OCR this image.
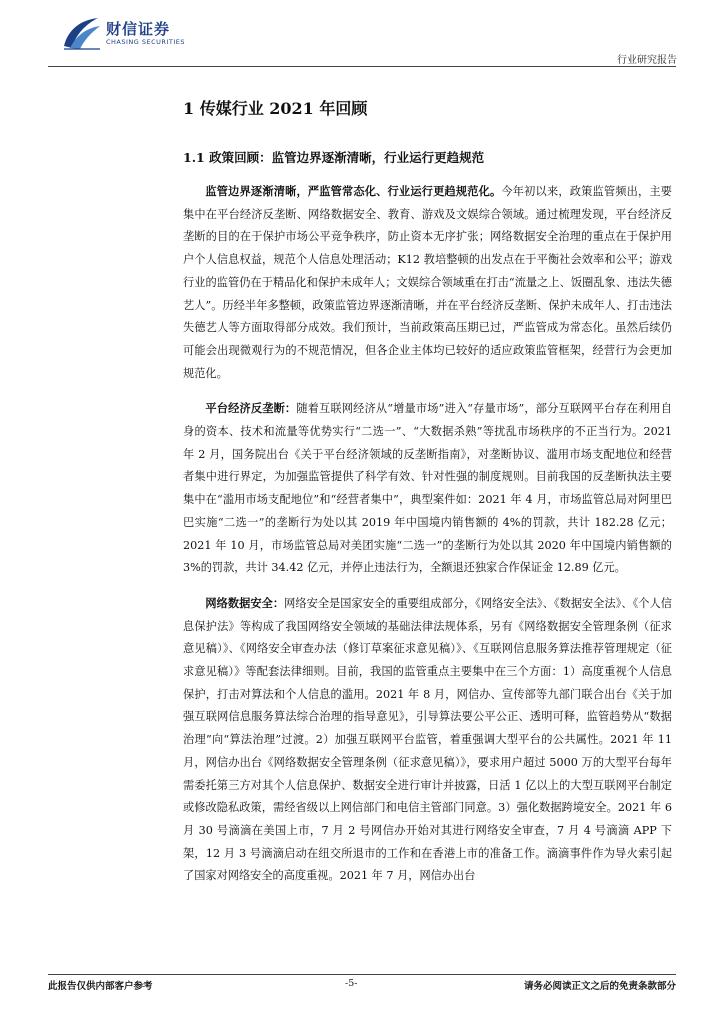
财信证券
CHASING SECURITIES
行业研究报告
1 传媒行业 2021 年回顾
1.1 政策回顾：监管边界逐渐清晰，行业运行更趋规范

监管边界逐渐清晰，严监管常态化、行业运行更趋规范化。今年初以来，政策监管频出，主要集中在平台经济反垄断、网络数据安全、教育、游戏及文娱综合领域。通过梳理发现，平台经济反垄断的目的在于保护市场公平竞争秩序，防止资本无序扩张；网络数据安全治理的重点在于保护用户个人信息权益，规范个人信息处理活动；K12 教培整顿的出发点在于平衡社会效率和公平；游戏行业的监管仍在于精品化和保护未成年人；文娱综合领域重在打击“流量之上、饭圈乱象、违法失德艺人”。历经半年多整顿，政策监管边界逐渐清晰，并在平台经济反垄断、保护未成年人、打击违法失德艺人等方面取得部分成效。我们预计，当前政策高压期已过，严监管成为常态化。虽然后续仍可能会出现微观行为的不规范情况，但各企业主体均已较好的适应政策监管框架，经营行为会更加规范化。

平台经济反垄断：随着互联网经济从“增量市场”进入“存量市场”，部分互联网平台存在利用自身的资本、技术和流量等优势实行“二选一”、“大数据杀熟”等扰乱市场秩序的不正当行为。2021 年 2 月，国务院出台《关于平台经济领域的反垄断指南》，对垄断协议、滥用市场支配地位和经营者集中进行界定，为加强监管提供了科学有效、针对性强的制度规则。目前我国的反垄断执法主要集中在“滥用市场支配地位”和“经营者集中”，典型案件如：2021 年 4 月，市场监管总局对阿里巴巴实施“二选一”的垄断行为处以其 2019 年中国境内销售额的 4%的罚款，共计 182.28 亿元；2021 年 10 月，市场监管总局对美团实施“二选一”的垄断行为处以其 2020 年中国境内销售额的 3%的罚款，共计 34.42 亿元，并停止违法行为，全额退还独家合作保证金 12.89 亿元。

网络数据安全：网络安全是国家安全的重要组成部分，《网络安全法》、《数据安全法》、《个人信息保护法》等构成了我国网络安全领域的基础法律法规体系，另有《网络数据安全管理条例（征求意见稿）》、《网络安全审查办法（修订草案征求意见稿）》、《互联网信息服务算法推荐管理规定（征求意见稿）》等配套法律细则。目前，我国的监管重点主要集中在三个方面：1）高度重视个人信息保护，打击对算法和个人信息的滥用。2021 年 8 月，网信办、宣传部等九部门联合出台《关于加强互联网信息服务算法综合治理的指导意见》，引导算法要公平公正、透明可释，监管趋势从“数据治理”向“算法治理”过渡。2）加强互联网平台监管，着重强调大型平台的公共属性。2021 年 11 月，网信办出台《网络数据安全管理条例（征求意见稿）》，要求用户超过 5000 万的大型平台每年需委托第三方对其个人信息保护、数据安全进行审计并披露，日活 1 亿以上的大型互联网平台制定或修改隐私政策，需经省级以上网信部门和电信主管部门同意。3）强化数据跨境安全。2021 年 6 月 30 号滴滴在美国上市，7 月 2 号网信办开始对其进行网络安全审查，7 月 4 号滴滴 APP 下架，12 月 3 号滴滴启动在纽交所退市的工作和在香港上市的准备工作。滴滴事件作为导火索引起了国家对网络安全的高度重视。2021 年 7 月，网信办出台

此报告仅供内部客户参考	-5-	请务必阅读正文之后的免责条款部分
